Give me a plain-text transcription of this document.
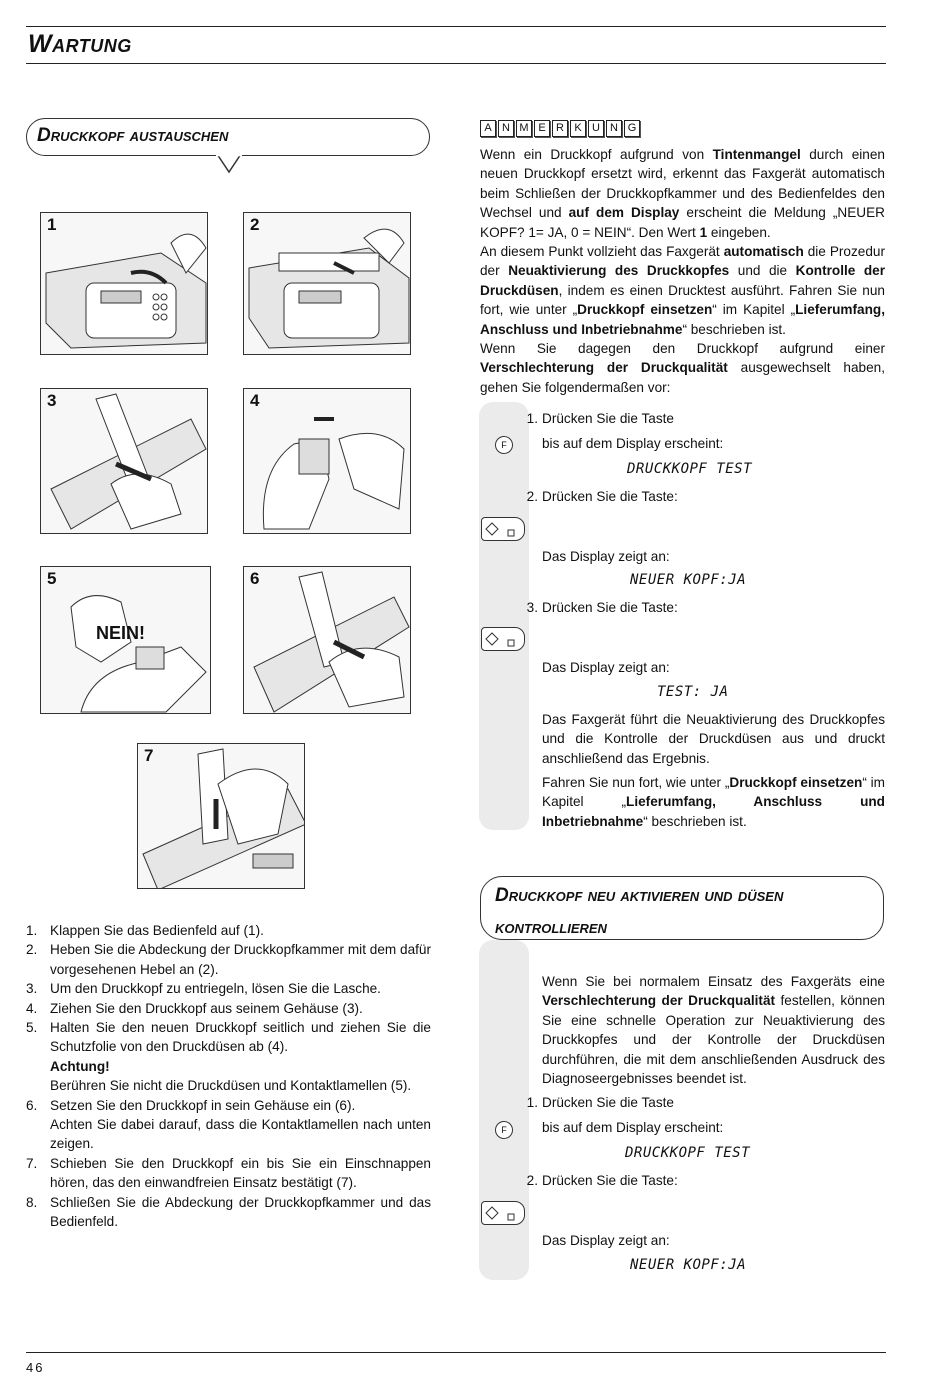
Wartung
Druckkopf austauschen
1	2
3	4
5
NEIN!
6
7
1. Klappen Sie das Bedienfeld auf (1).
2. Heben Sie die Abdeckung der Druckkopfkammer mit dem dafür vorgesehenen Hebel an (2).
3. Um den Druckkopf zu entriegeln, lösen Sie die Lasche.
4. Ziehen Sie den Druckkopf aus seinem Gehäuse (3).
5. Halten Sie den neuen Druckkopf seitlich und ziehen Sie die Schutzfolie von den Druckdüsen ab (4).
Achtung!
Berühren Sie nicht die Druckdüsen und Kontaktlamellen (5).
6. Setzen Sie den Druckkopf in sein Gehäuse ein (6).
Achten Sie dabei darauf, dass die Kontaktlamellen nach unten zeigen.
7. Schieben Sie den Druckkopf ein bis Sie ein Einschnappen hören, das den einwandfreien Einsatz bestätigt (7).
8. Schließen Sie die Abdeckung der Druckkopfkammer und das Bedienfeld.
A N M E R K U N G
Wenn ein Druckkopf aufgrund von Tintenmangel durch einen neuen Druckkopf ersetzt wird, erkennt das Faxgerät automatisch beim Schließen der Druckkopfkammer und des Bedienfeldes den Wechsel und auf dem Display erscheint die Meldung „NEUER KOPF? 1= JA, 0 = NEIN“. Den Wert 1 eingeben.
An diesem Punkt vollzieht das Faxgerät automatisch die Prozedur der Neuaktivierung des Druckkopfes und die Kontrolle der Druckdüsen, indem es einen Drucktest ausführt. Fahren Sie nun fort, wie unter „Druckkopf einsetzen“ im Kapitel „Lieferumfang, Anschluss und Inbetriebnahme“ beschrieben ist.
Wenn Sie dagegen den Druckkopf aufgrund einer Verschlechterung der Druckqualität ausgewechselt haben, gehen Sie folgendermaßen vor:
F
1. Drücken Sie die Taste
bis auf dem Display erscheint:
DRUCKKOPF TEST
2. Drücken Sie die Taste:
Das Display zeigt an:
NEUER KOPF:JA
3. Drücken Sie die Taste:
Das Display zeigt an:
TEST: JA
Das Faxgerät führt die Neuaktivierung des Druckkopfes und die Kontrolle der Druckdüsen aus und druckt anschließend das Ergebnis.
Fahren Sie nun fort, wie unter „Druckkopf einsetzen“ im Kapitel „Lieferumfang, Anschluss und Inbetriebnahme“ beschrieben ist.
Druckkopf neu aktivieren und düsen
kontrollieren
Wenn Sie bei normalem Einsatz des Faxgeräts eine Verschlechterung der Druckqualität festellen, können Sie eine schnelle Operation zur Neuaktivierung des Druckkopfes und der Kontrolle der Druckdüsen durchführen, die mit dem anschließenden Ausdruck des Diagnoseergebnisses beendet ist.
F
1. Drücken Sie die Taste
bis auf dem Display erscheint:
DRUCKKOPF TEST
2. Drücken Sie die Taste:
Das Display zeigt an:
NEUER KOPF:JA
46
